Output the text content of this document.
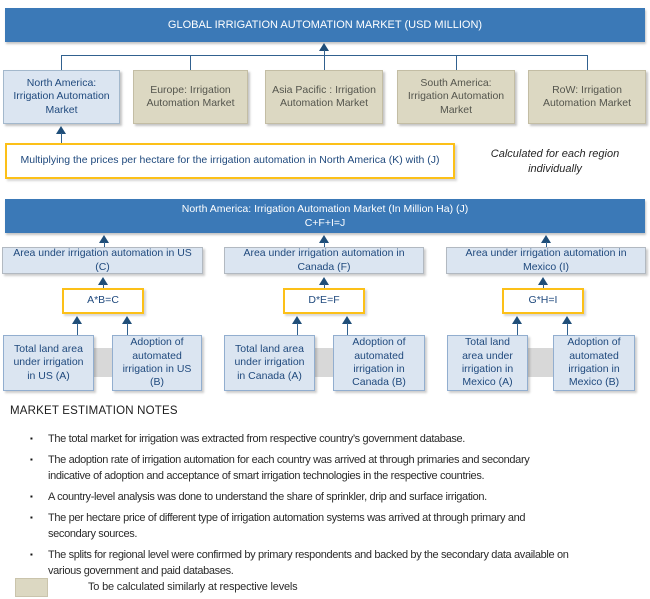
GLOBAL IRRIGATION AUTOMATION MARKET (USD MILLION)
North America: Irrigation Automation Market
Europe: Irrigation Automation Market
Asia Pacific : Irrigation Automation Market
South America: Irrigation Automation Market
RoW: Irrigation Automation Market
Multiplying the prices per hectare for the irrigation automation in North America (K) with (J)
Calculated for each region
individually
North America: Irrigation Automation Market (In Million Ha) (J)
C+F+I=J
Area under irrigation automation in US (C)
Area under irrigation automation in Canada (F)
Area under irrigation automation in Mexico (I)
A*B=C	D*E=F	G*H=I
Total land area under irrigation in US (A)
Adoption of automated irrigation in US (B)
Total land area under irrigation in Canada (A)
Adoption of automated irrigation in Canada (B)
Total land area under irrigation in Mexico (A)
Adoption of automated irrigation in Mexico (B)
MARKET ESTIMATION NOTES
▪	The total market for irrigation was extracted from respective country’s government database.
▪	The adoption rate of irrigation automation for each country was arrived at through primaries and secondary
indicative of adoption and acceptance of smart irrigation technologies in the respective countries.
▪	A country-level analysis was done to understand the share of sprinkler, drip and surface irrigation.
▪	The per hectare price of different type of irrigation automation systems was arrived at through primary and
secondary sources.
▪	The splits for regional level were confirmed by primary respondents and backed by the secondary data available on
various government and paid databases.
To be calculated similarly at respective levels
